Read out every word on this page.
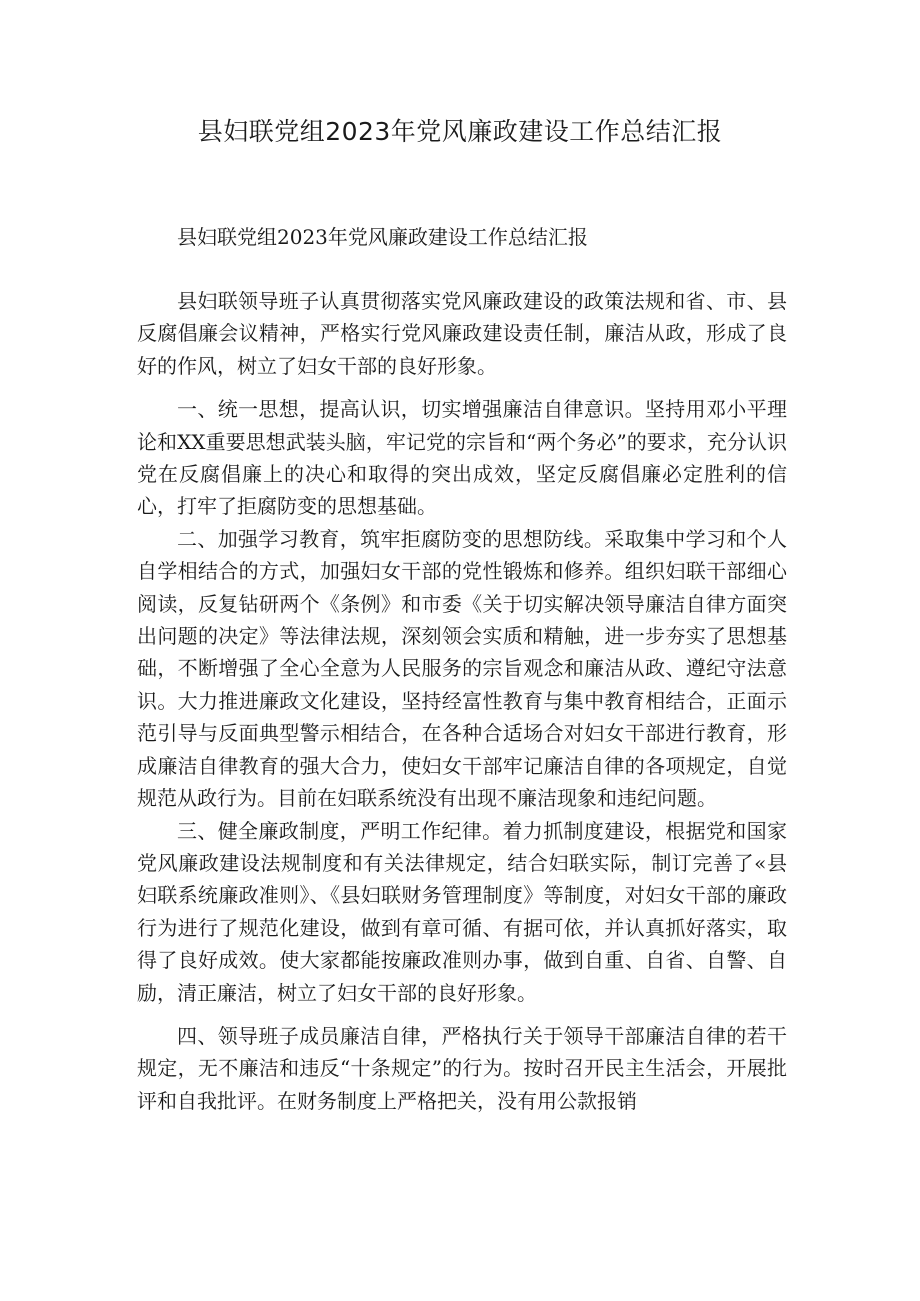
县妇联党组2023年党风廉政建设工作总结汇报

县妇联党组2023年党风廉政建设工作总结汇报

县妇联领导班子认真贯彻落实党风廉政建设的政策法规和省、市、县反腐倡廉会议精神，严格实行党风廉政建设责任制，廉洁从政，形成了良好的作风，树立了妇女干部的良好形象。

一、统一思想，提高认识，切实增强廉洁自律意识。坚持用邓小平理论和XX重要思想武装头脑，牢记党的宗旨和“两个务必”的要求，充分认识党在反腐倡廉上的决心和取得的突出成效，坚定反腐倡廉必定胜利的信心，打牢了拒腐防变的思想基础。

二、加强学习教育，筑牢拒腐防变的思想防线。采取集中学习和个人自学相结合的方式，加强妇女干部的党性锻炼和修养。组织妇联干部细心阅读，反复钻研两个《条例》和市委《关于切实解决领导廉洁自律方面突出问题的决定》等法律法规，深刻领会实质和精触，进一步夯实了思想基础，不断增强了全心全意为人民服务的宗旨观念和廉洁从政、遵纪守法意识。大力推进廉政文化建设，坚持经富性教育与集中教育相结合，正面示范引导与反面典型警示相结合，在各种合适场合对妇女干部进行教育，形成廉洁自律教育的强大合力，使妇女干部牢记廉洁自律的各项规定，自觉规范从政行为。目前在妇联系统没有出现不廉洁现象和违纪问题。

三、健全廉政制度，严明工作纪律。着力抓制度建设，根据党和国家党风廉政建设法规制度和有关法律规定，结合妇联实际，制订完善了«县妇联系统廉政准则》、《县妇联财务管理制度》等制度，对妇女干部的廉政行为进行了规范化建设，做到有章可循、有据可依，并认真抓好落实，取得了良好成效。使大家都能按廉政准则办事，做到自重、自省、自警、自励，清正廉洁，树立了妇女干部的良好形象。

四、领导班子成员廉洁自律，严格执行关于领导干部廉洁自律的若干规定，无不廉洁和违反“十条规定”的行为。按时召开民主生活会，开展批评和自我批评。在财务制度上严格把关，没有用公款报销
